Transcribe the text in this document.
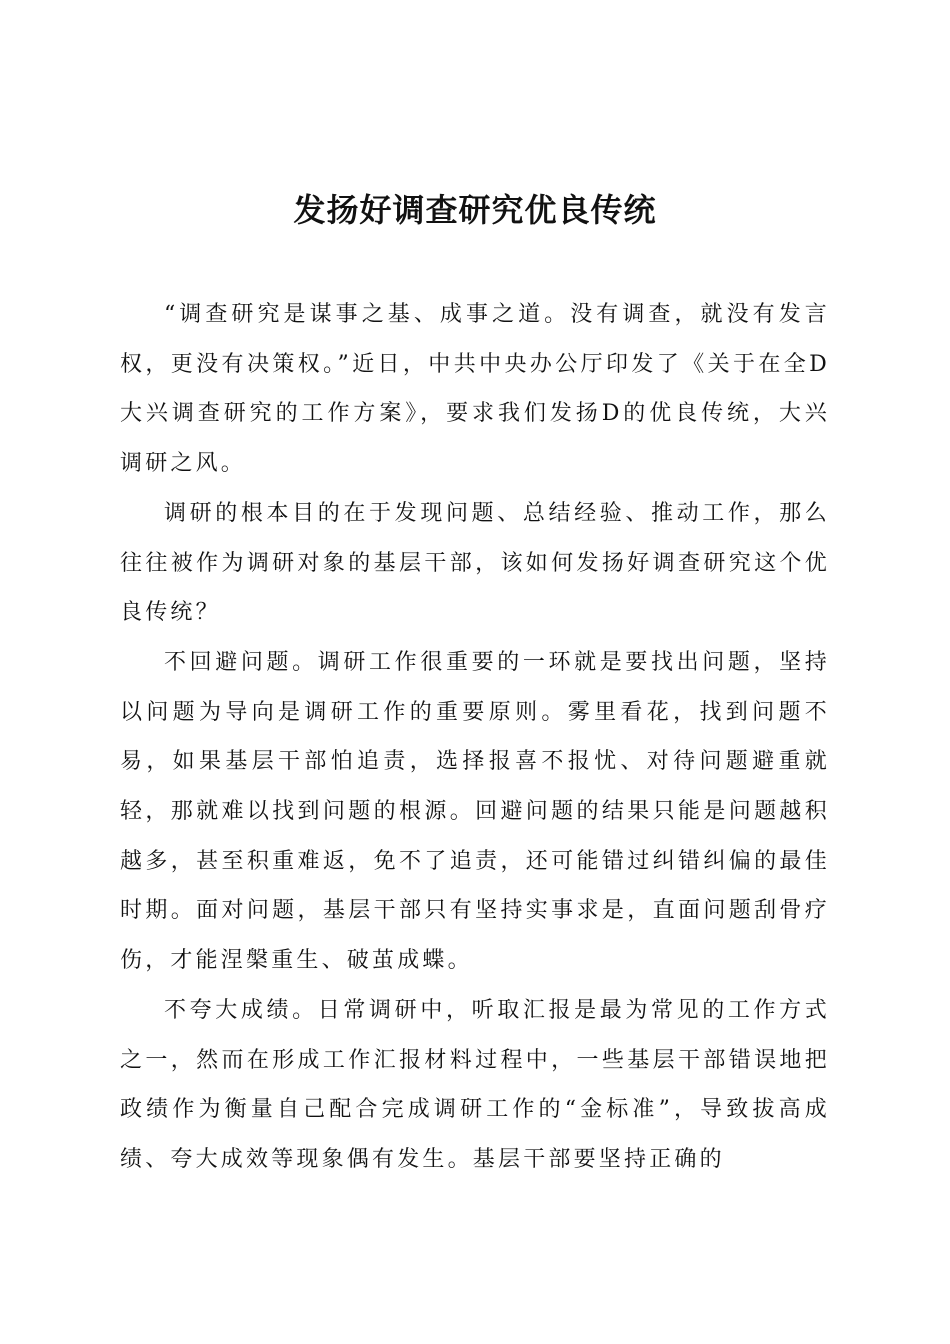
发扬好调查研究优良传统

“调查研究是谋事之基、成事之道。没有调查，就没有发言权，更没有决策权。”近日，中共中央办公厅印发了《关于在全D大兴调查研究的工作方案》，要求我们发扬D的优良传统，大兴调研之风。

调研的根本目的在于发现问题、总结经验、推动工作，那么往往被作为调研对象的基层干部，该如何发扬好调查研究这个优良传统？

不回避问题。调研工作很重要的一环就是要找出问题，坚持以问题为导向是调研工作的重要原则。雾里看花，找到问题不易，如果基层干部怕追责，选择报喜不报忧、对待问题避重就轻，那就难以找到问题的根源。回避问题的结果只能是问题越积越多，甚至积重难返，免不了追责，还可能错过纠错纠偏的最佳时期。面对问题，基层干部只有坚持实事求是，直面问题刮骨疗伤，才能涅槃重生、破茧成蝶。

不夸大成绩。日常调研中，听取汇报是最为常见的工作方式之一，然而在形成工作汇报材料过程中，一些基层干部错误地把政绩作为衡量自己配合完成调研工作的“金标准”，导致拔高成绩、夸大成效等现象偶有发生。基层干部要坚持正确的
